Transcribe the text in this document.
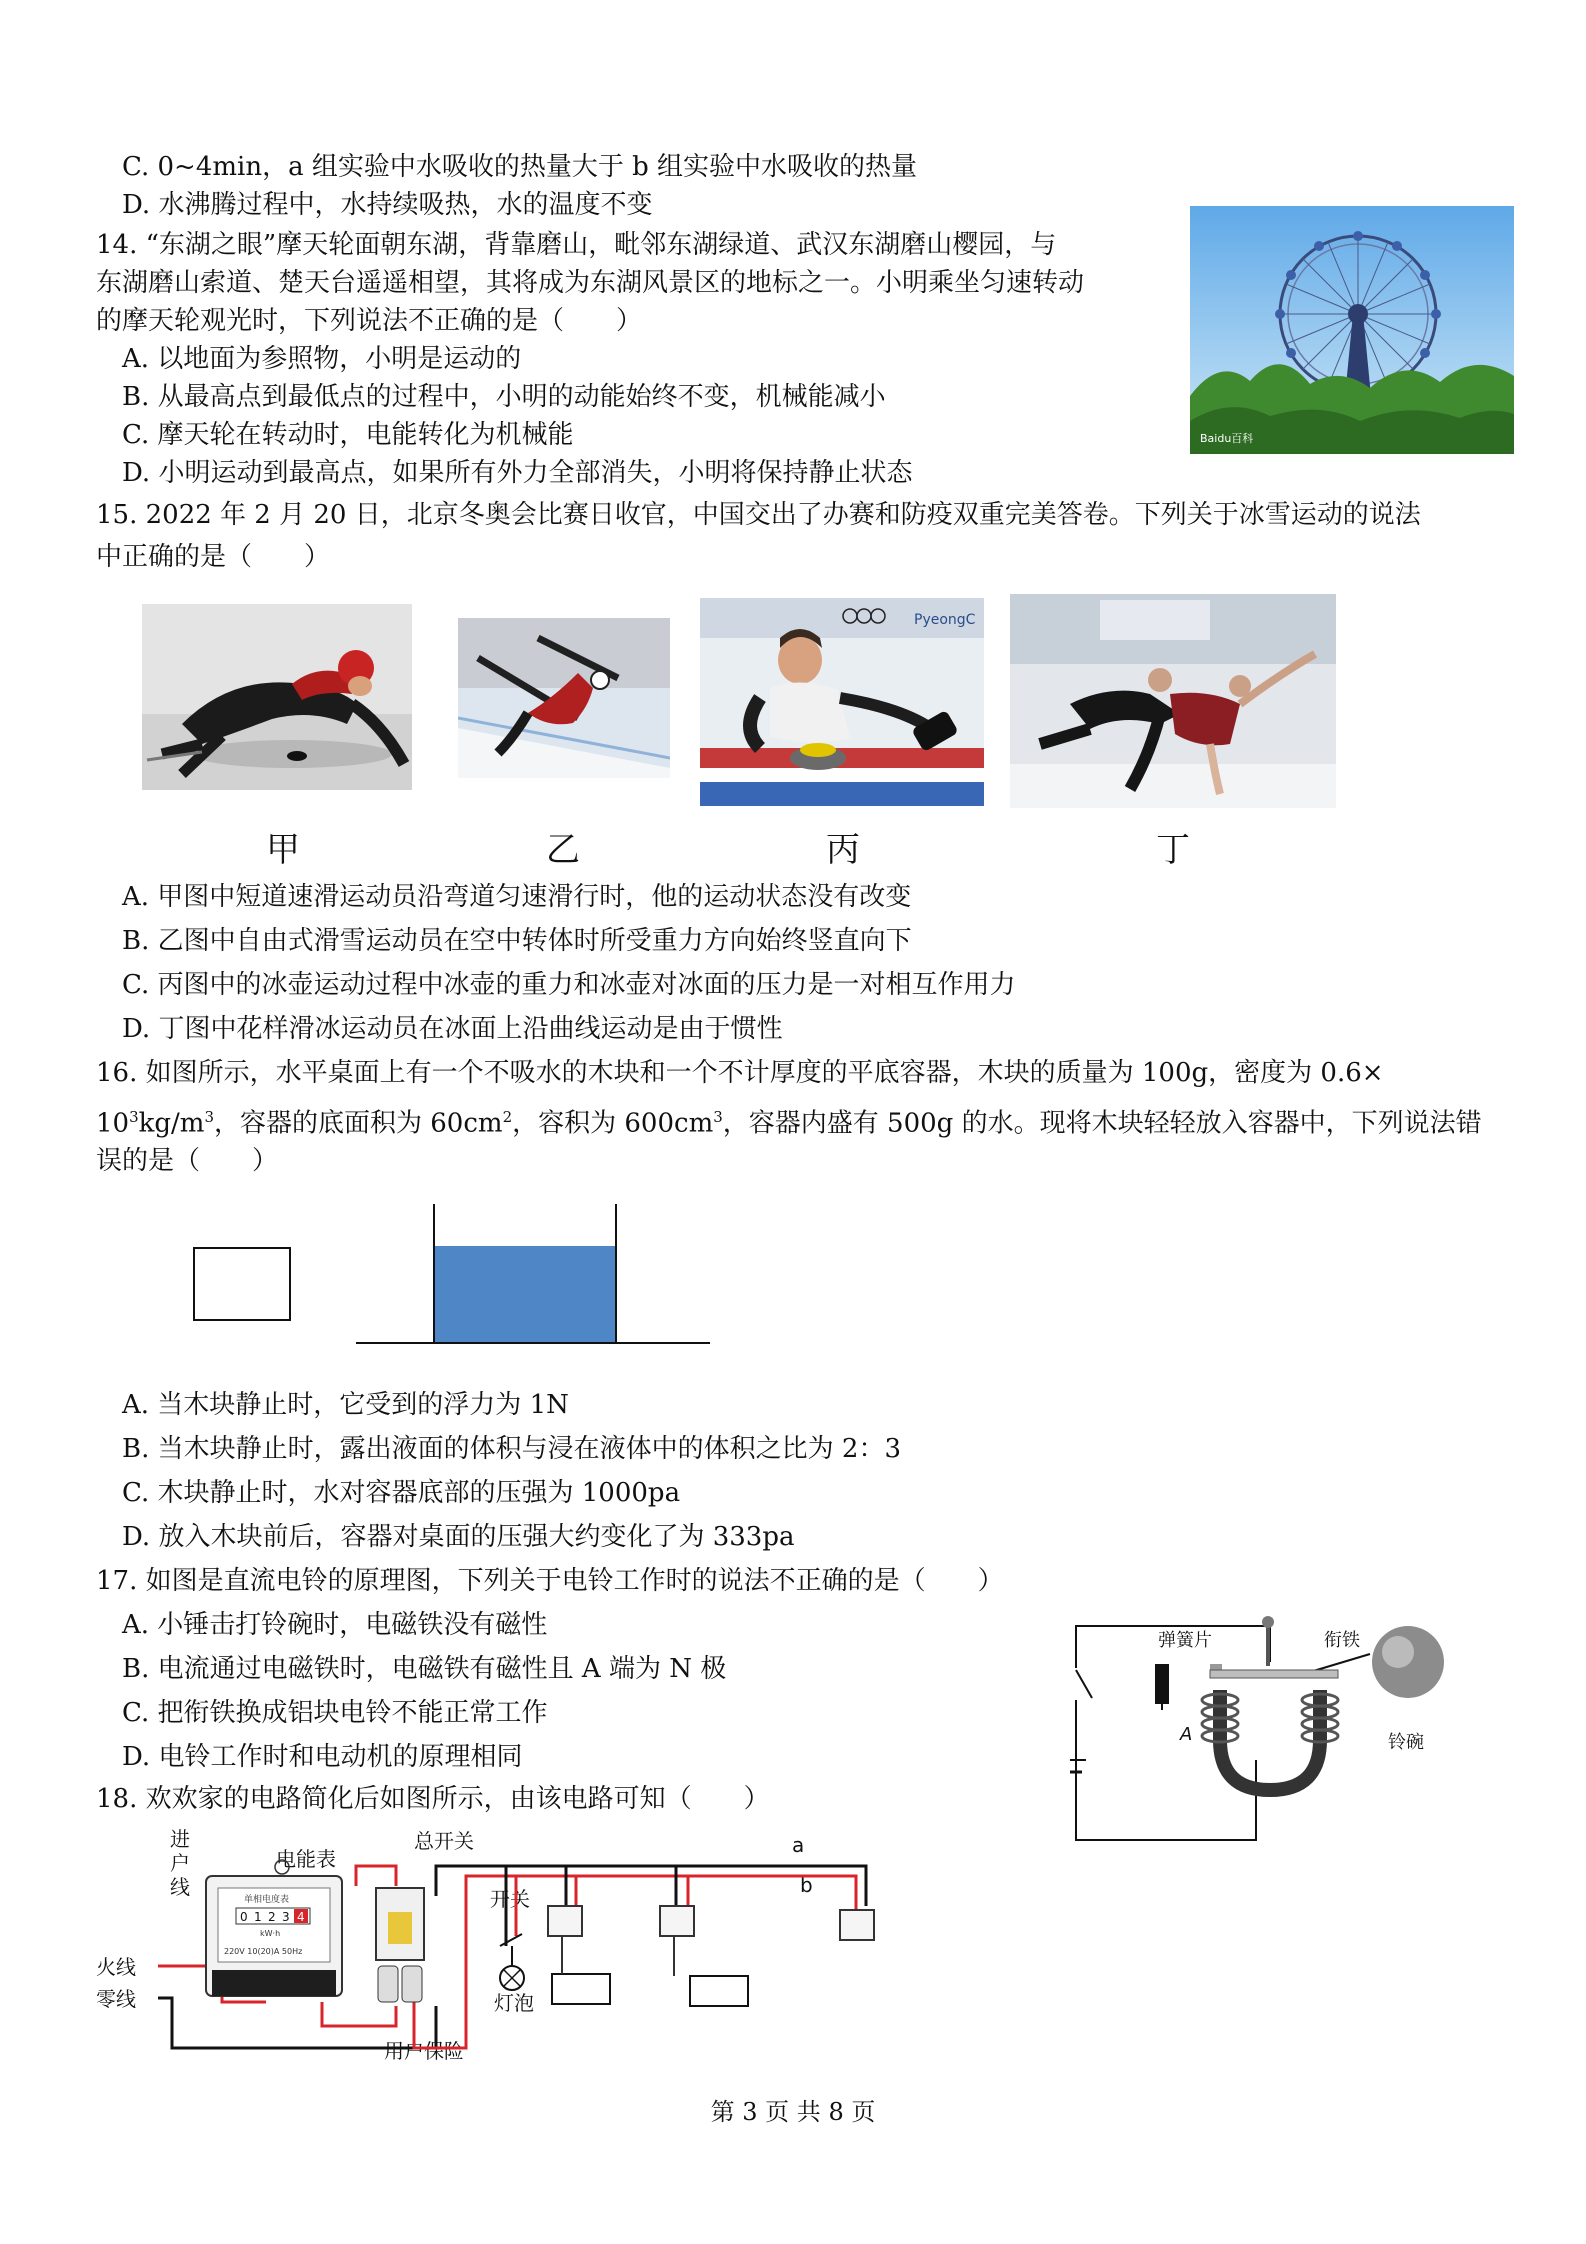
C. 0~4min，a 组实验中水吸收的热量大于 b 组实验中水吸收的热量
D. 水沸腾过程中，水持续吸热，水的温度不变
14. “东湖之眼”摩天轮面朝东湖，背靠磨山，毗邻东湖绿道、武汉东湖磨山樱园，与
东湖磨山索道、楚天台遥遥相望，其将成为东湖风景区的地标之一。小明乘坐匀速转动
的摩天轮观光时，下列说法不正确的是（　　）
A. 以地面为参照物，小明是运动的
B. 从最高点到最低点的过程中，小明的动能始终不变，机械能减小
C. 摩天轮在转动时，电能转化为机械能
D. 小明运动到最高点，如果所有外力全部消失，小明将保持静止状态
Baidu百科
15. 2022 年 2 月 20 日，北京冬奥会比赛日收官，中国交出了办赛和防疫双重完美答卷。下列关于冰雪运动的说法
中正确的是（　　）
PyeongC
甲	乙	丙	丁
A. 甲图中短道速滑运动员沿弯道匀速滑行时，他的运动状态没有改变
B. 乙图中自由式滑雪运动员在空中转体时所受重力方向始终竖直向下
C. 丙图中的冰壶运动过程中冰壶的重力和冰壶对冰面的压力是一对相互作用力
D. 丁图中花样滑冰运动员在冰面上沿曲线运动是由于惯性
16. 如图所示，水平桌面上有一个不吸水的木块和一个不计厚度的平底容器，木块的质量为 100g，密度为 0.6×
$10^3kg/m^3$，容器的底面积为 $60cm^2$，容积为 $600cm^3$，容器内盛有 500g 的水。现将木块轻轻放入容器中，下列说法错
误的是（　　）
A. 当木块静止时，它受到的浮力为 1N
B. 当木块静止时，露出液面的体积与浸在液体中的体积之比为 2：3
C. 木块静止时，水对容器底部的压强为 1000pa
D. 放入木块前后，容器对桌面的压强大约变化了为 333pa
17. 如图是直流电铃的原理图，下列关于电铃工作时的说法不正确的是（　　）
A. 小锤击打铃碗时，电磁铁没有磁性
B. 电流通过电磁铁时，电磁铁有磁性且 A 端为 N 极
C. 把衔铁换成铝块电铃不能正常工作
D. 电铃工作时和电动机的原理相同
弹簧片	衔铁
A	铃碗
18. 欢欢家的电路简化后如图所示，由该电路可知（　　）
进
户
线
电能表
总开关	a
b
开关
火线
零线	灯泡
用户保险
单相电度表
0 1 2 3 4
kW·h
220V 10(20)A 50Hz
第 3 页 共 8 页
